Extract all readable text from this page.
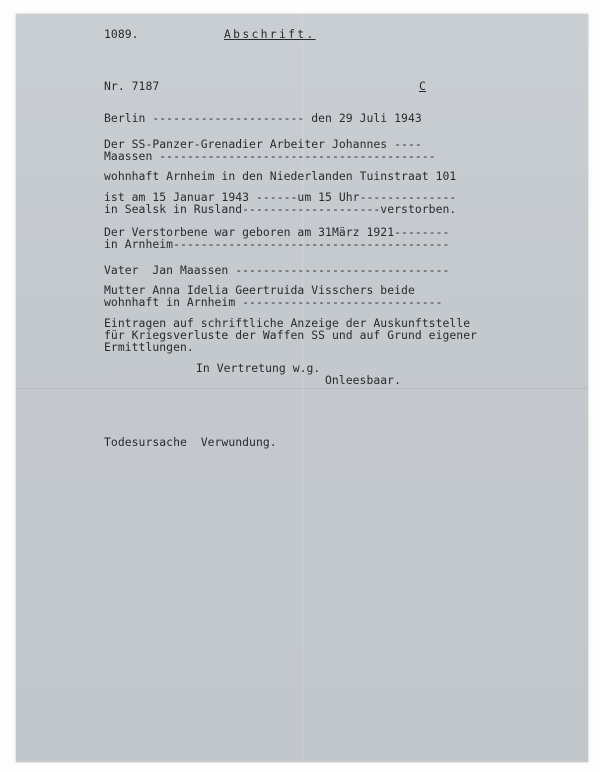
1089.	Abschrift.
Nr. 7187	C
Berlin ---------------------- den 29 Juli 1943
Der SS-Panzer-Grenadier Arbeiter Johannes ----
Maassen ----------------------------------------
wohnhaft Arnheim in den Niederlanden Tuinstraat 101
ist am 15 Januar 1943 ------um 15 Uhr--------------
in Sealsk in Rusland--------------------verstorben.
Der Verstorbene war geboren am 31März 1921--------
in Arnheim----------------------------------------
Vater  Jan Maassen -------------------------------
Mutter Anna Idelia Geertruida Visschers beide
wohnhaft in Arnheim -----------------------------
Eintragen auf schriftliche Anzeige der Auskunftstelle
für Kriegsverluste der Waffen SS und auf Grund eigener
Ermittlungen.
In Vertretung w.g.
Onleesbaar.
Todesursache  Verwundung.
